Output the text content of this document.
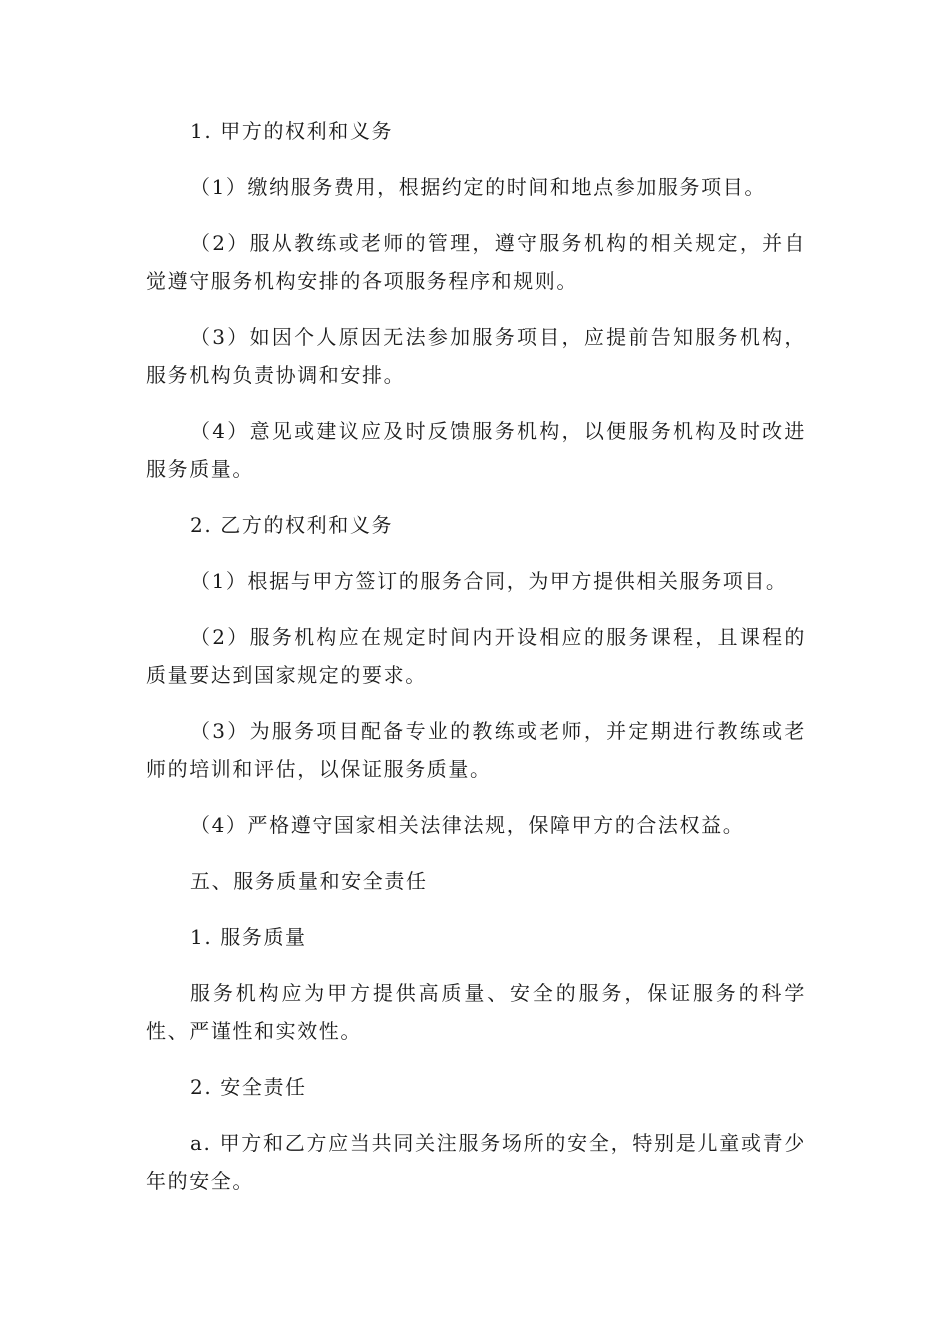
1. 甲方的权利和义务

（1）缴纳服务费用，根据约定的时间和地点参加服务项目。

（2）服从教练或老师的管理，遵守服务机构的相关规定，并自觉遵守服务机构安排的各项服务程序和规则。

（3）如因个人原因无法参加服务项目，应提前告知服务机构，服务机构负责协调和安排。

（4）意见或建议应及时反馈服务机构，以便服务机构及时改进服务质量。

2. 乙方的权利和义务

（1）根据与甲方签订的服务合同，为甲方提供相关服务项目。

（2）服务机构应在规定时间内开设相应的服务课程，且课程的质量要达到国家规定的要求。

（3）为服务项目配备专业的教练或老师，并定期进行教练或老师的培训和评估，以保证服务质量。

（4）严格遵守国家相关法律法规，保障甲方的合法权益。

五、服务质量和安全责任

1. 服务质量

服务机构应为甲方提供高质量、安全的服务，保证服务的科学性、严谨性和实效性。

2. 安全责任

a. 甲方和乙方应当共同关注服务场所的安全，特别是儿童或青少年的安全。
